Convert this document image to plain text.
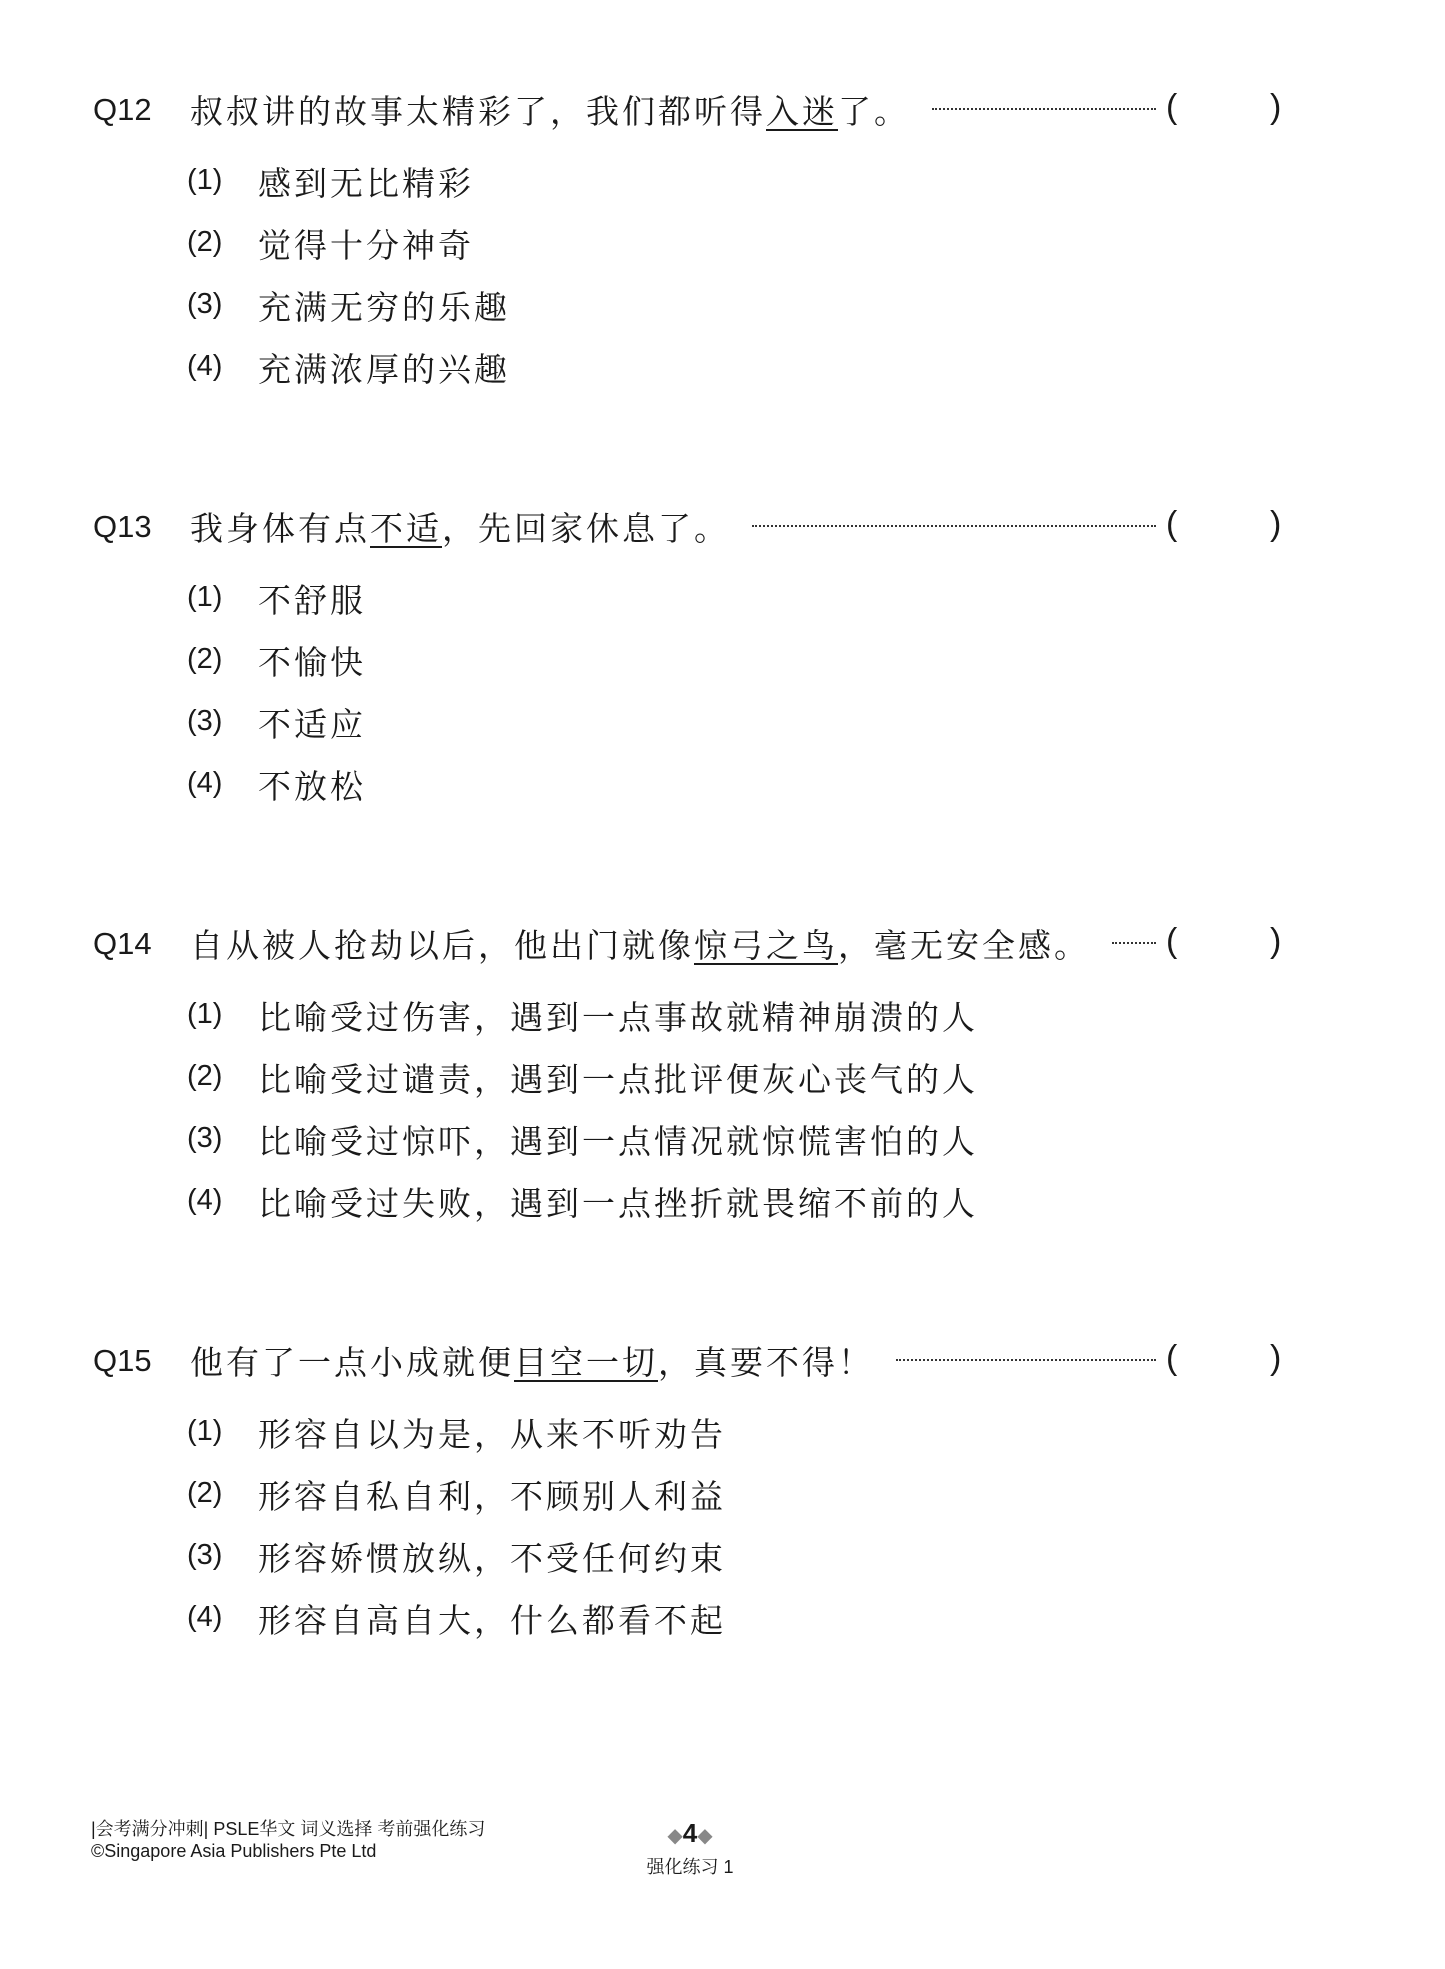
Q12 叔叔讲的故事太精彩了，我们都听得入迷了。	(	)
(1) 感到无比精彩
(2) 觉得十分神奇
(3) 充满无穷的乐趣
(4) 充满浓厚的兴趣
Q13 我身体有点不适，先回家休息了。	(	)
(1) 不舒服
(2) 不愉快
(3) 不适应
(4) 不放松
Q14 自从被人抢劫以后，他出门就像惊弓之鸟，毫无安全感。 (	)
(1) 比喻受过伤害，遇到一点事故就精神崩溃的人
(2) 比喻受过谴责，遇到一点批评便灰心丧气的人
(3) 比喻受过惊吓，遇到一点情况就惊慌害怕的人
(4) 比喻受过失败，遇到一点挫折就畏缩不前的人
Q15 他有了一点小成就便目空一切，真要不得！	(	)
(1) 形容自以为是，从来不听劝告
(2) 形容自私自利，不顾别人利益
(3) 形容娇惯放纵，不受任何约束
(4) 形容自高自大，什么都看不起
|会考满分冲刺| PSLE华文 词义选择 考前强化练习
©Singapore Asia Publishers Pte Ltd
◆4◆
强化练习 1
